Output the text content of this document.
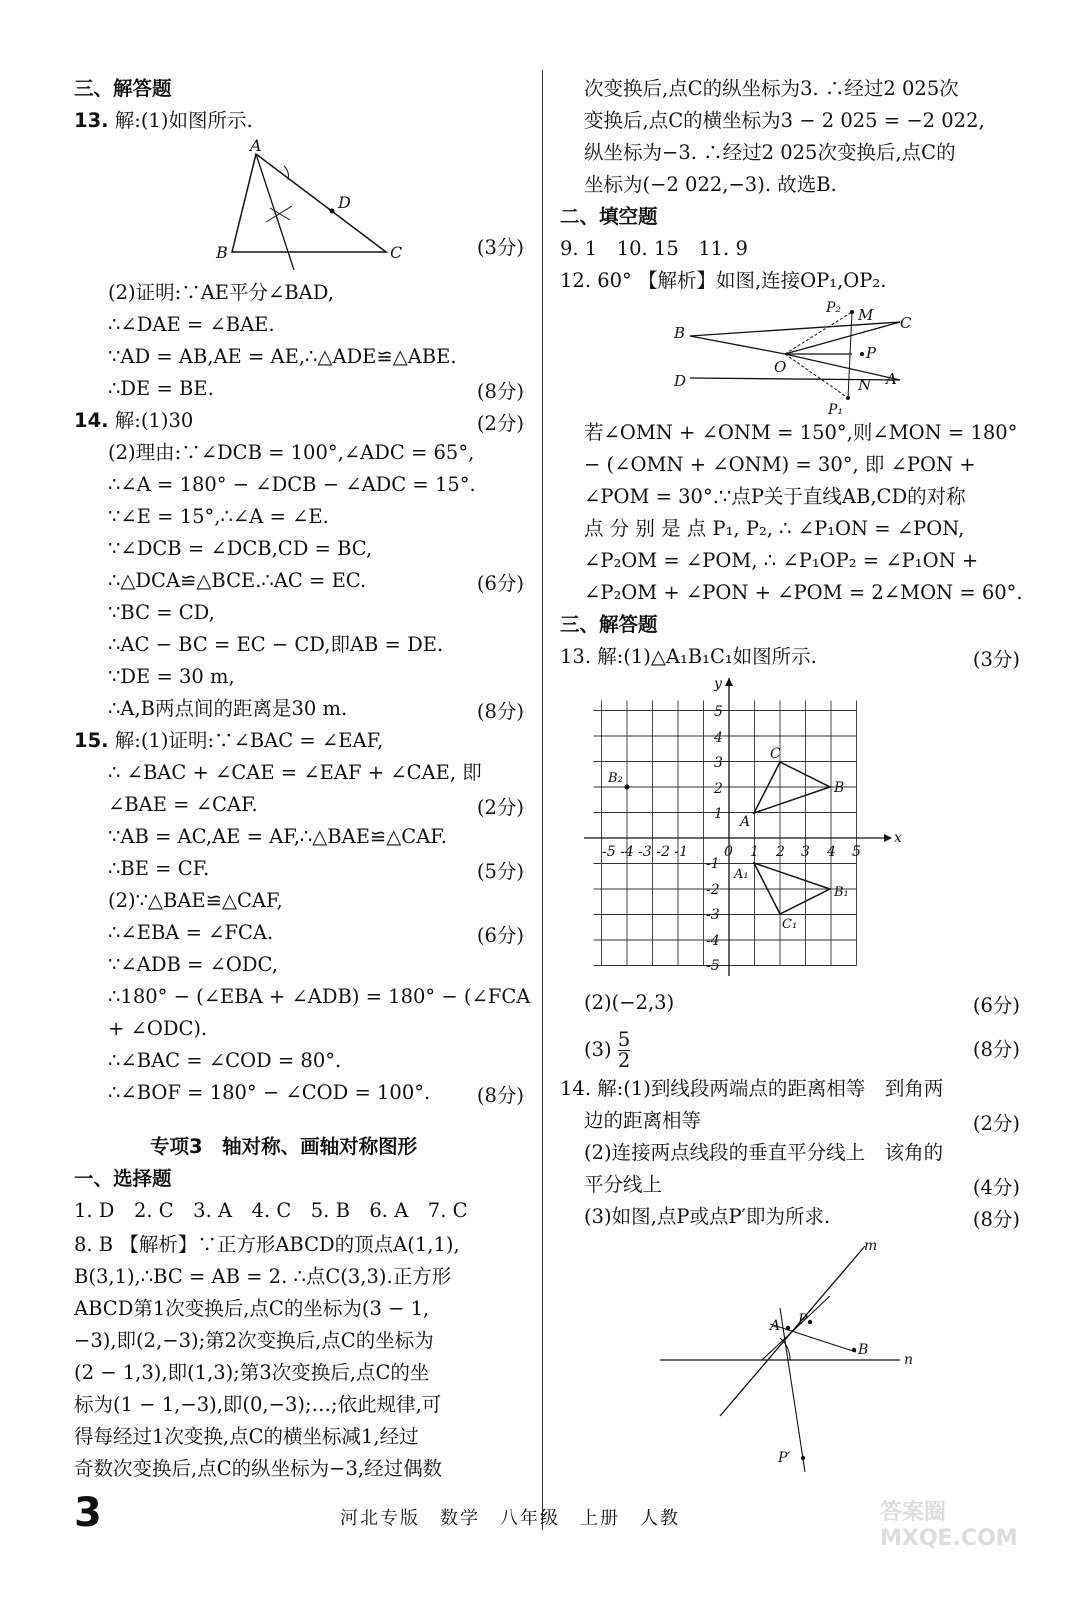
三、解答题
13. 解:(1)如图所示.
A
D
B	C	(3分)
(2)证明:∵AE平分∠BAD,
∴∠DAE = ∠BAE.
∵AD = AB,AE = AE,∴△ADE≌△ABE.
∴DE = BE.	(8分)
14. 解:(1)30	(2分)
(2)理由:∵∠DCB = 100°,∠ADC = 65°,
∴∠A = 180° − ∠DCB − ∠ADC = 15°.
∵∠E = 15°,∴∠A = ∠E.
∵∠DCB = ∠DCB,CD = BC,
∴△DCA≌△BCE.∴AC = EC.	(6分)
∵BC = CD,
∴AC − BC = EC − CD,即AB = DE.
∵DE = 30 m,
∴A,B两点间的距离是30 m.	(8分)
15. 解:(1)证明:∵∠BAC = ∠EAF,
∴ ∠BAC + ∠CAE = ∠EAF + ∠CAE, 即
∠BAE = ∠CAF.	(2分)
∵AB = AC,AE = AF,∴△BAE≌△CAF.
∴BE = CF.	(5分)
(2)∵△BAE≌△CAF,
∴∠EBA = ∠FCA.	(6分)
∵∠ADB = ∠ODC,
∴180° − (∠EBA + ∠ADB) = 180° − (∠FCA
+ ∠ODC).
∴∠BAC = ∠COD = 80°.
∴∠BOF = 180° − ∠COD = 100°. (8分)
专项3　轴对称、画轴对称图形
一、选择题
1. D　2. C　3. A　4. C　5. B　6. A　7. C
8. B 【解析】∵正方形ABCD的顶点A(1,1),
B(3,1),∴BC = AB = 2. ∴点C(3,3).正方形
ABCD第1次变换后,点C的坐标为(3 − 1,
−3),即(2,−3);第2次变换后,点C的坐标为
(2 − 1,3),即(1,3);第3次变换后,点C的坐
标为(1 − 1,−3),即(0,−3);…;依此规律,可
得每经过1次变换,点C的横坐标减1,经过
奇数次变换后,点C的纵坐标为−3,经过偶数
次变换后,点C的纵坐标为3. ∴经过2 025次
变换后,点C的横坐标为3 − 2 025 = −2 022,
纵坐标为−3. ∴经过2 025次变换后,点C的
坐标为(−2 022,−3). 故选B.
二、填空题
9. 1　10. 15　11. 9
12. 60° 【解析】如图,连接OP₁,OP₂.
B
D
O
C
A
P
M
N
P₂
P₁
若∠OMN + ∠ONM = 150°,则∠MON = 180°
− (∠OMN + ∠ONM) = 30°, 即 ∠PON +
∠POM = 30°.∵点P关于直线AB,CD的对称
点 分 别 是 点 P₁, P₂, ∴ ∠P₁ON = ∠PON,
∠P₂OM = ∠POM, ∴ ∠P₁OP₂ = ∠P₁ON +
∠P₂OM + ∠PON + ∠POM = 2∠MON = 60°.
三、解答题
13. 解:(1)△A₁B₁C₁如图所示.	(3分)
x
y
A
B
C
A₁
B₁
C₁
B₂
-5 -4 -3 -2 -1	0 1 2 3 4 5
5
4
3
2
1
-1
-2
-3
-4
-5
(2)(−2,3)	(6分)
$(3) \frac{5}{2}$	(8分)
14. 解:(1)到线段两端点的距离相等　到角两
边的距离相等	(2分)
(2)连接两点线段的垂直平分线上　该角的
平分线上	(4分)
(3)如图,点P或点P′即为所求.	(8分)
m
n
A P
B
P′
3	河北专版　数学　八年级　上册　人教	答案圈 MXQE.COM
